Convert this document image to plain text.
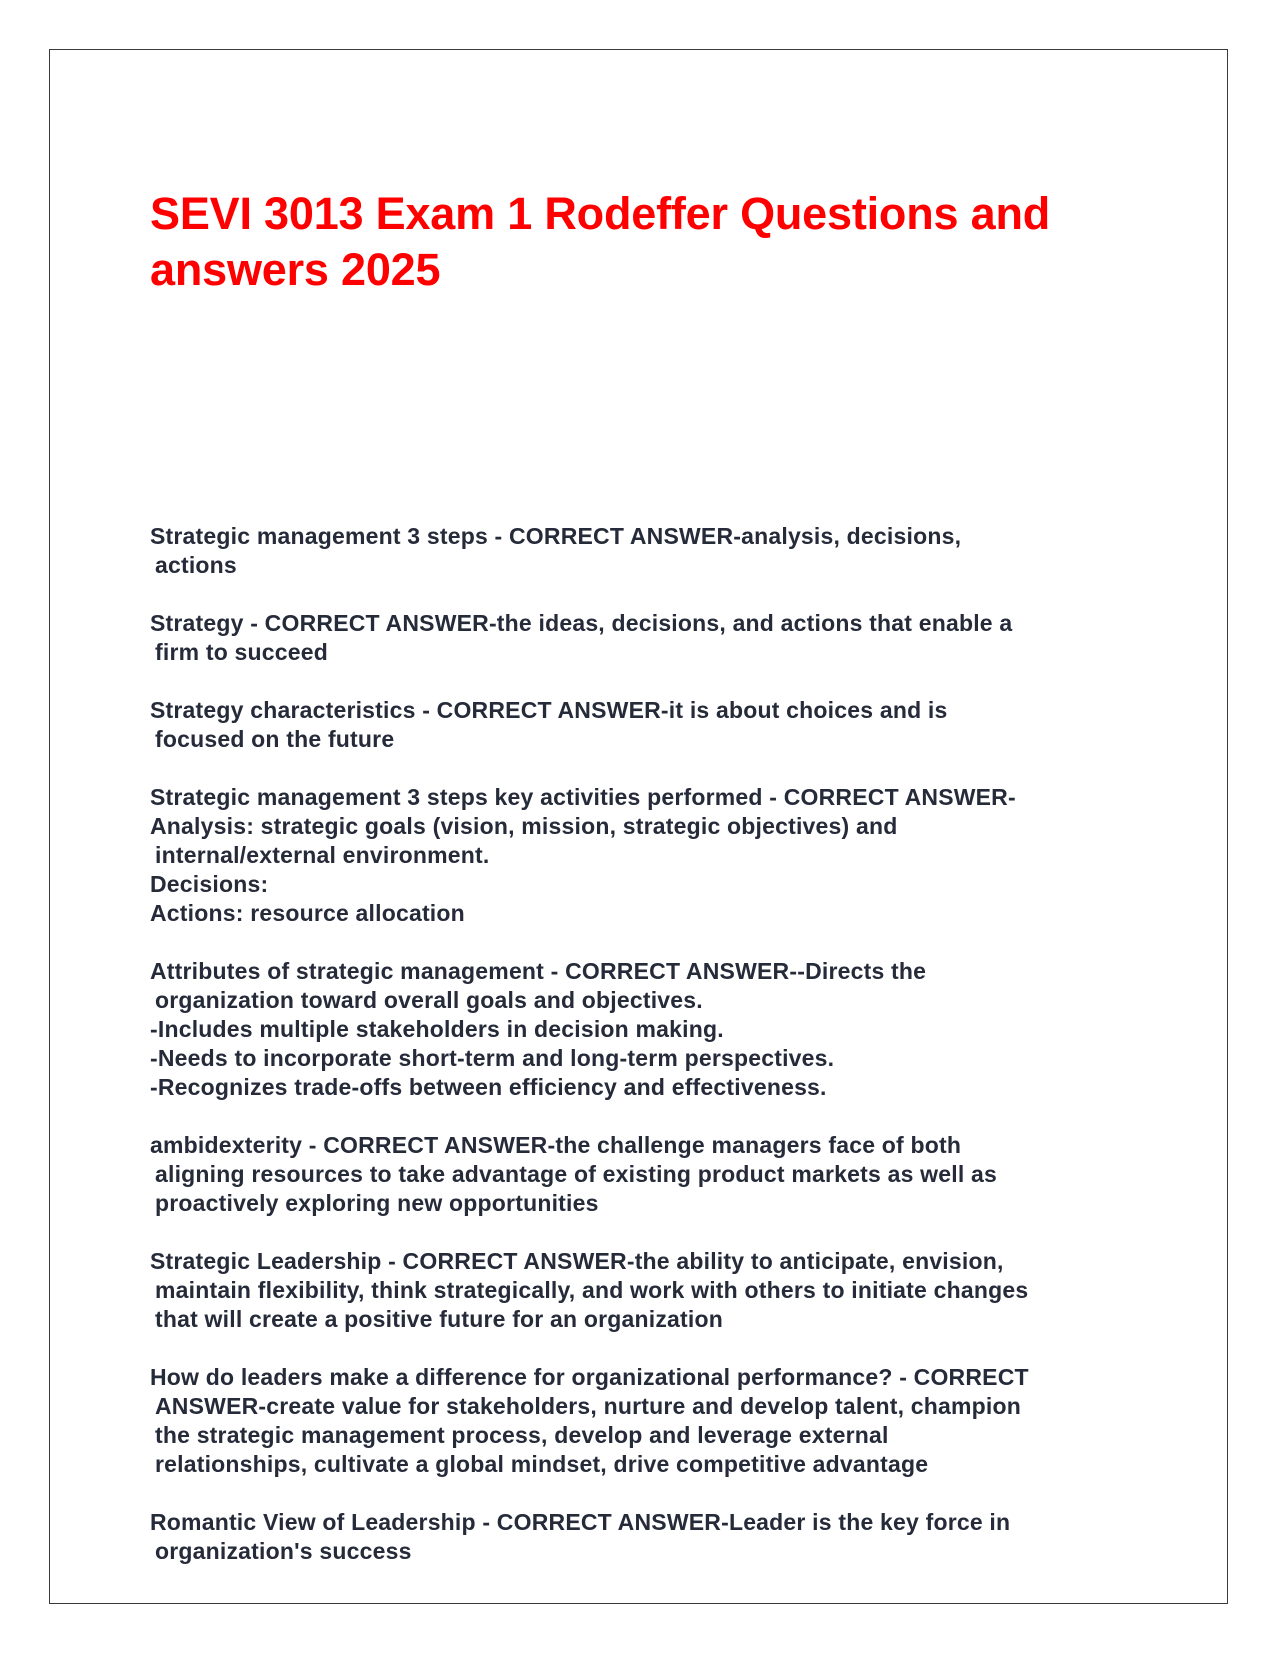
SEVI 3013 Exam 1 Rodeffer Questions and
answers 2025
Strategic management 3 steps - CORRECT ANSWER-analysis, decisions,
actions
Strategy - CORRECT ANSWER-the ideas, decisions, and actions that enable a
firm to succeed
Strategy characteristics - CORRECT ANSWER-it is about choices and is
focused on the future
Strategic management 3 steps key activities performed - CORRECT ANSWER-
Analysis: strategic goals (vision, mission, strategic objectives) and
internal/external environment.
Decisions:
Actions: resource allocation
Attributes of strategic management - CORRECT ANSWER--Directs the
organization toward overall goals and objectives.
-Includes multiple stakeholders in decision making.
-Needs to incorporate short-term and long-term perspectives.
-Recognizes trade-offs between efficiency and effectiveness.
ambidexterity - CORRECT ANSWER-the challenge managers face of both
aligning resources to take advantage of existing product markets as well as
proactively exploring new opportunities
Strategic Leadership - CORRECT ANSWER-the ability to anticipate, envision,
maintain flexibility, think strategically, and work with others to initiate changes
that will create a positive future for an organization
How do leaders make a difference for organizational performance? - CORRECT
ANSWER-create value for stakeholders, nurture and develop talent, champion
the strategic management process, develop and leverage external
relationships, cultivate a global mindset, drive competitive advantage
Romantic View of Leadership - CORRECT ANSWER-Leader is the key force in
organization's success
